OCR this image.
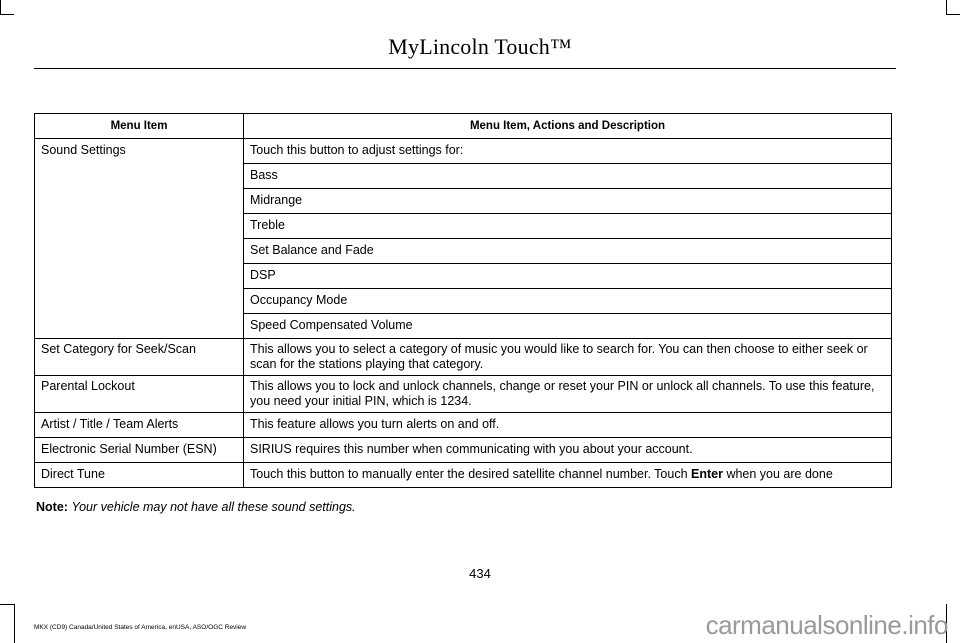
MyLincoln Touch™
Menu Item	Menu Item, Actions and Description
Sound Settings	Touch this button to adjust settings for:
	Bass
	Midrange
	Treble
	Set Balance and Fade
	DSP
	Occupancy Mode
	Speed Compensated Volume
Set Category for Seek/Scan	This allows you to select a category of music you would like to search for. You can then choose to either seek or scan for the stations playing that category.
Parental Lockout	This allows you to lock and unlock channels, change or reset your PIN or unlock all channels. To use this feature, you need your initial PIN, which is 1234.
Artist / Title / Team Alerts	This feature allows you turn alerts on and off.
Electronic Serial Number (ESN)	SIRIUS requires this number when communicating with you about your account.
Direct Tune	Touch this button to manually enter the desired satellite channel number. Touch Enter when you are done
Note: Your vehicle may not have all these sound settings.
434
MKX (CD9) Canada/United States of America, enUSA, ASO/OGC Review	carmanualsonline.info
